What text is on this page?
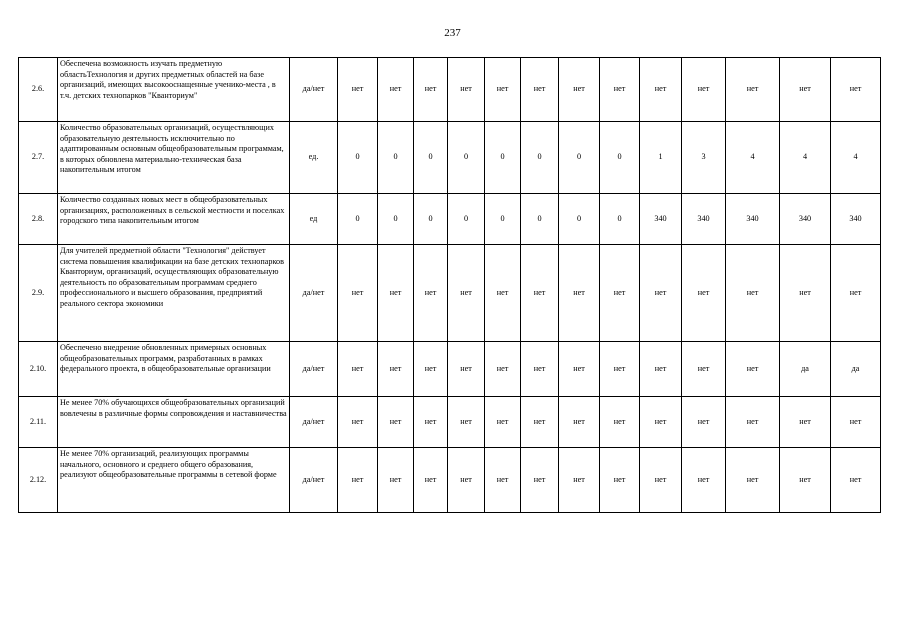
237
2.6.	Обеспечена возможность изучать предметную областьТехнология и других предметных областей на базе организаций, имеющих высокооснащенные ученико-места , в т.ч. детских технопарков "Кванториум"	да/нет	нет	нет	нет	нет	нет	нет	нет	нет	нет	нет	нет	нет	нет	
2.7.	Количество образовательных организаций, осуществляющих образовательную деятельность исключительно по адаптированным основным общеобразовательным программам, в которых обновлена материально-техническая база накопительным итогом	ед.	0	0	0	0	0	0	0	0	1	3	4	4	4	
2.8.	Количество созданных новых мест в общеобразовательных организациях, расположенных в сельской местности и поселках городского типа накопительным итогом	ед	0	0	0	0	0	0	0	0	340	340	340	340	340	
2.9.	Для учителей предметной области "Технология" действует система повышения квалификации на базе детских технопарков Кванториум, организаций, осуществляющих образовательную деятельность по образовательным программам среднего профессионального и высшего образования, предприятий реального сектора экономики	да/нет	нет	нет	нет	нет	нет	нет	нет	нет	нет	нет	нет	нет	нет	
2.10.	Обеспечено внедрение обновленных примерных основных общеобразовательных программ, разработанных в рамках федерального проекта, в общеобразовательные организации	да/нет	нет	нет	нет	нет	нет	нет	нет	нет	нет	нет	нет	да	да	
2.11.	Не менее 70% обучающихся общеобразовательных организаций вовлечены в различные формы сопровождения и наставничества	да/нет	нет	нет	нет	нет	нет	нет	нет	нет	нет	нет	нет	нет	нет	
2.12.	Не менее 70% организаций, реализующих программы начального, основного и среднего общего образования, реализуют общеобразовательные программы в сетевой форме	да/нет	нет	нет	нет	нет	нет	нет	нет	нет	нет	нет	нет	нет	нет	
